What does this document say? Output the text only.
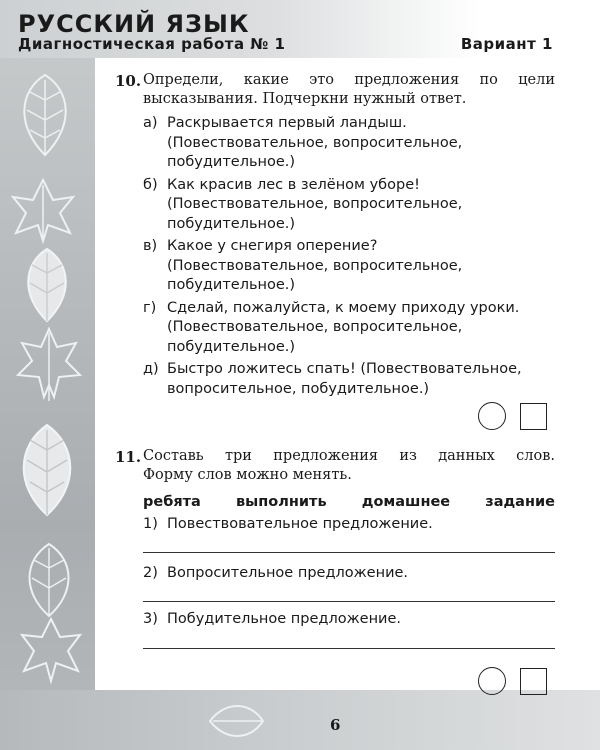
РУССКИЙ ЯЗЫК
Диагностическая работа № 1	Вариант 1
10. Определи, какие это предложения по цели
высказывания. Подчеркни нужный ответ.
а) Раскрывается первый ландыш.
(Повествовательное, вопросительное,
побудительное.)
б) Как красив лес в зелёном уборе!
(Повествовательное, вопросительное,
побудительное.)
в) Какое у снегиря оперение?
(Повествовательное, вопросительное,
побудительное.)
г) Сделай, пожалуйста, к моему приходу уроки.
(Повествовательное, вопросительное,
побудительное.)
д) Быстро ложитесь спать! (Повествовательное,
вопросительное, побудительное.)
11. Составь три предложения из данных слов.
Форму слов можно менять.
ребята выполнить домашнее задание
1) Повествовательное предложение.
2) Вопросительное предложение.
3) Побудительное предложение.
6
